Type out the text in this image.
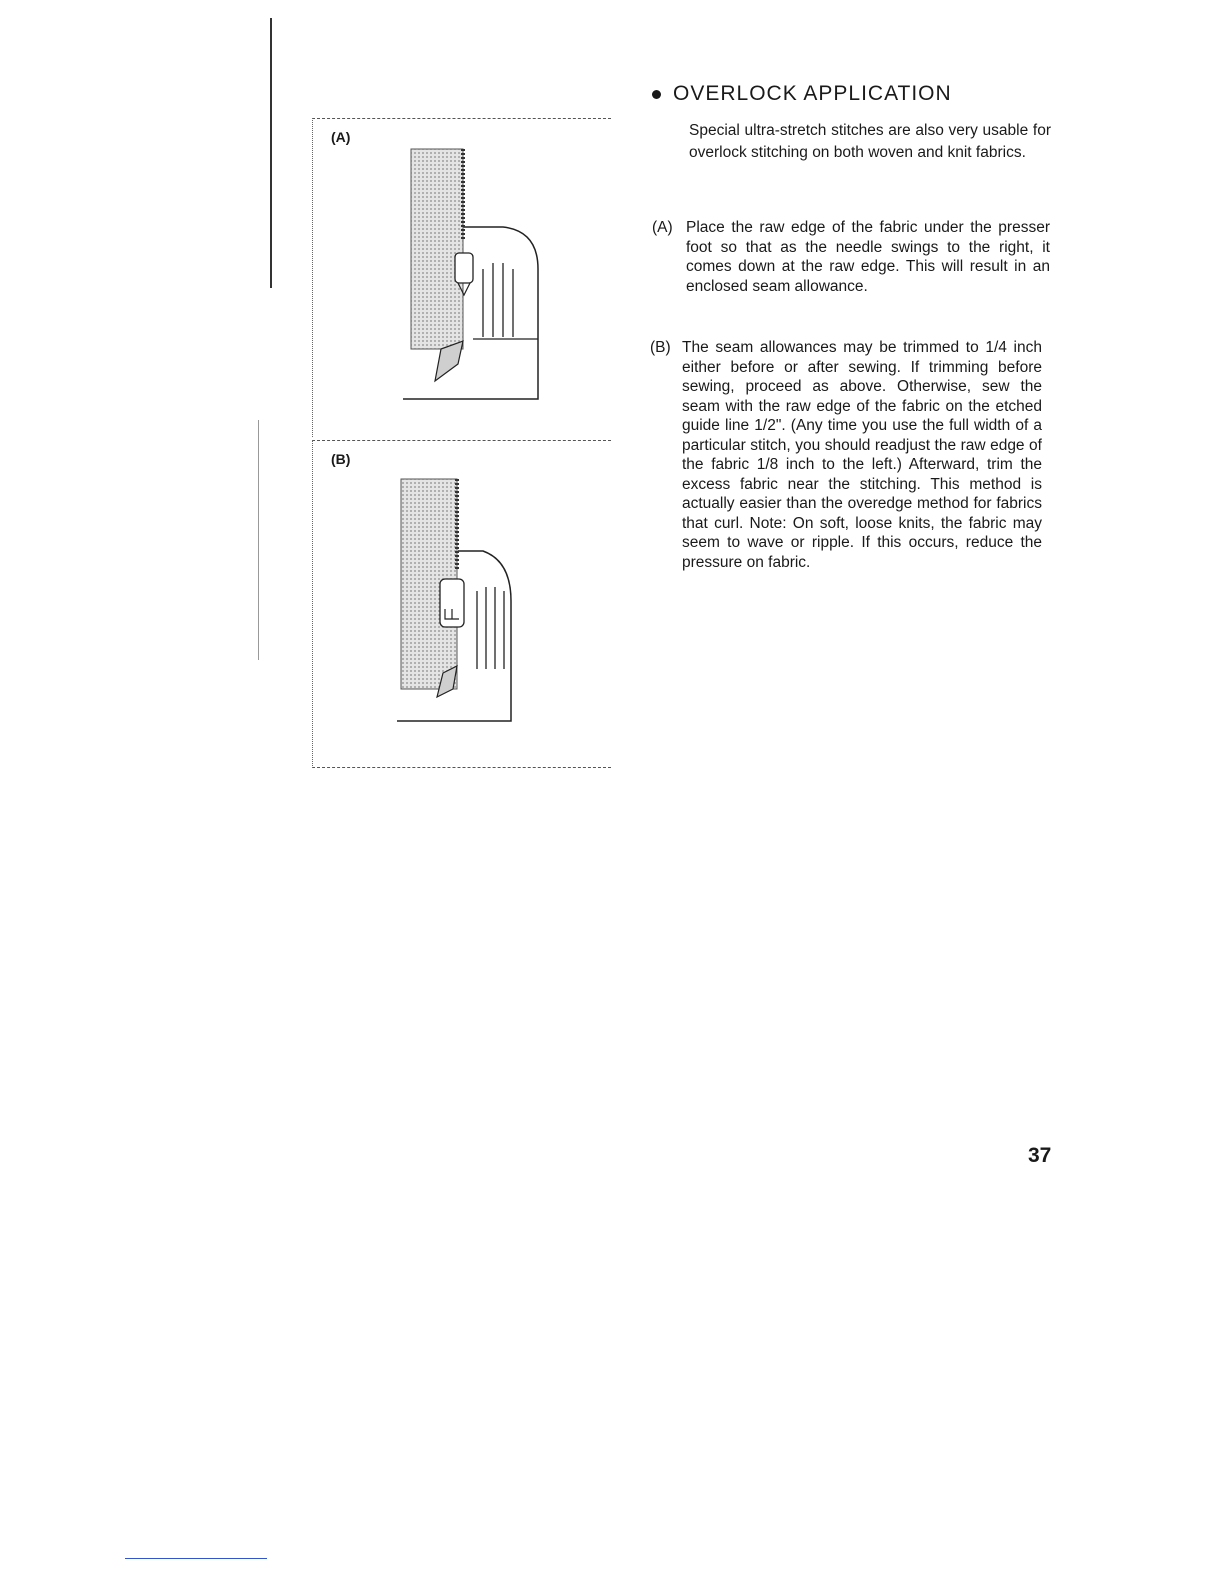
(A)
(B)
OVERLOCK APPLICATION
Special ultra-stretch stitches are also very usable for overlock stitching on both woven and knit fabrics.
(A) Place the raw edge of the fabric under the presser foot so that as the needle swings to the right, it comes down at the raw edge. This will result in an enclosed seam allowance.
(B) The seam allowances may be trimmed to 1/4 inch either before or after sewing. If trimming before sewing, proceed as above. Otherwise, sew the seam with the raw edge of the fabric on the etched guide line 1/2". (Any time you use the full width of a particular stitch, you should readjust the raw edge of the fabric 1/8 inch to the left.) Afterward, trim the excess fabric near the stitching. This method is actually easier than the overedge method for fabrics that curl. Note: On soft, loose knits, the fabric may seem to wave or ripple. If this occurs, reduce the pressure on fabric.
37
